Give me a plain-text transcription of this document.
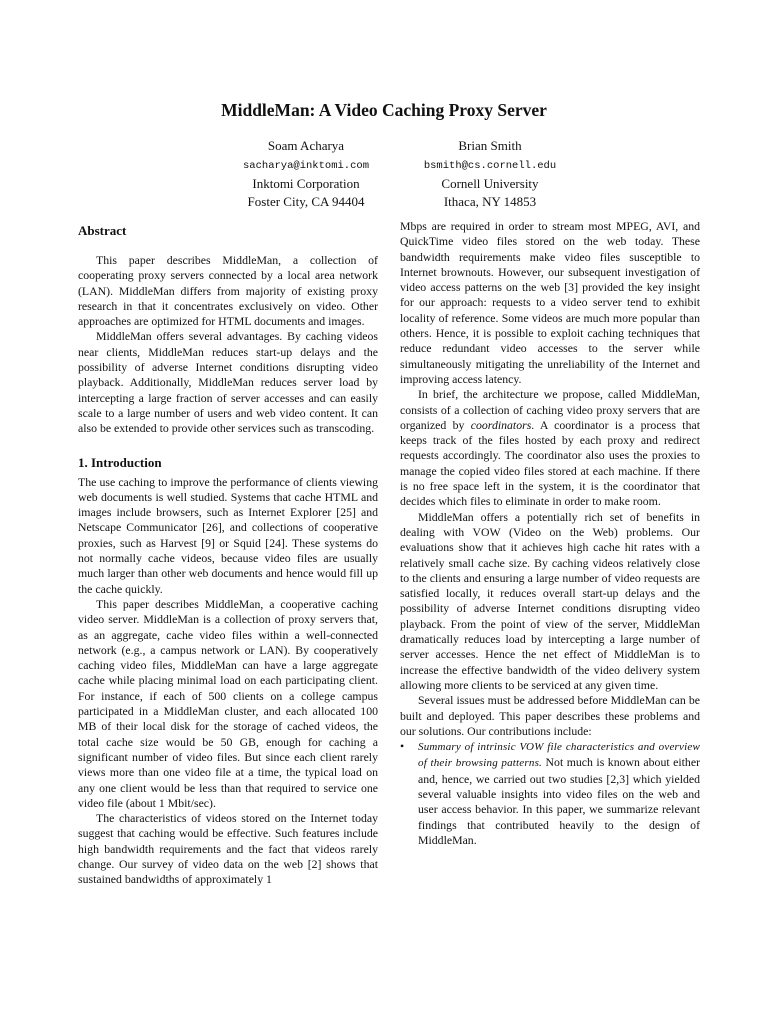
MiddleMan: A Video Caching Proxy Server
Soam Acharya
sacharya@inktomi.com
Inktomi Corporation
Foster City, CA 94404
Brian Smith
bsmith@cs.cornell.edu
Cornell University
Ithaca, NY 14853
Abstract

This paper describes MiddleMan, a collection of cooperating proxy servers connected by a local area network (LAN). MiddleMan differs from majority of existing proxy research in that it concentrates exclusively on video. Other approaches are optimized for HTML documents and images.

MiddleMan offers several advantages. By caching videos near clients, MiddleMan reduces start-up delays and the possibility of adverse Internet conditions disrupting video playback. Additionally, MiddleMan reduces server load by intercepting a large fraction of server accesses and can easily scale to a large number of users and web video content. It can also be extended to provide other services such as transcoding.

1. Introduction

The use caching to improve the performance of clients viewing web documents is well studied. Systems that cache HTML and images include browsers, such as Internet Explorer [25] and Netscape Communicator [26], and collections of cooperative proxies, such as Harvest [9] or Squid [24]. These systems do not normally cache videos, because video files are usually much larger than other web documents and hence would fill up the cache quickly.

This paper describes MiddleMan, a cooperative caching video server. MiddleMan is a collection of proxy servers that, as an aggregate, cache video files within a well-connected network (e.g., a campus network or LAN). By cooperatively caching video files, MiddleMan can have a large aggregate cache while placing minimal load on each participating client. For instance, if each of 500 clients on a college campus participated in a MiddleMan cluster, and each allocated 100 MB of their local disk for the storage of cached videos, the total cache size would be 50 GB, enough for caching a significant number of video files. But since each client rarely views more than one video file at a time, the typical load on any one client would be less than that required to service one video file (about 1 Mbit/sec).

The characteristics of videos stored on the Internet today suggest that caching would be effective. Such features include high bandwidth requirements and the fact that videos rarely change. Our survey of video data on the web [2] shows that sustained bandwidths of approximately 1

Mbps are required in order to stream most MPEG, AVI, and QuickTime video files stored on the web today. These bandwidth requirements make video files susceptible to Internet brownouts. However, our subsequent investigation of video access patterns on the web [3] provided the key insight for our approach: requests to a video server tend to exhibit locality of reference. Some videos are much more popular than others. Hence, it is possible to exploit caching techniques that reduce redundant video accesses to the server while simultaneously mitigating the unreliability of the Internet and improving access latency.

In brief, the architecture we propose, called MiddleMan, consists of a collection of caching video proxy servers that are organized by coordinators. A coordinator is a process that keeps track of the files hosted by each proxy and redirect requests accordingly. The coordinator also uses the proxies to manage the copied video files stored at each machine. If there is no free space left in the system, it is the coordinator that decides which files to eliminate in order to make room.

MiddleMan offers a potentially rich set of benefits in dealing with VOW (Video on the Web) problems. Our evaluations show that it achieves high cache hit rates with a relatively small cache size. By caching videos relatively close to the clients and ensuring a large number of video requests are satisfied locally, it reduces overall start-up delays and the possibility of adverse Internet conditions disrupting video playback. From the point of view of the server, MiddleMan dramatically reduces load by intercepting a large number of server accesses. Hence the net effect of MiddleMan is to increase the effective bandwidth of the video delivery system allowing more clients to be serviced at any given time.

Several issues must be addressed before MiddleMan can be built and deployed. This paper describes these problems and our solutions. Our contributions include:

• Summary of intrinsic VOW file characteristics and overview of their browsing patterns. Not much is known about either and, hence, we carried out two studies [2,3] which yielded several valuable insights into video files on the web and user access behavior. In this paper, we summarize relevant findings that contributed heavily to the design of MiddleMan.
